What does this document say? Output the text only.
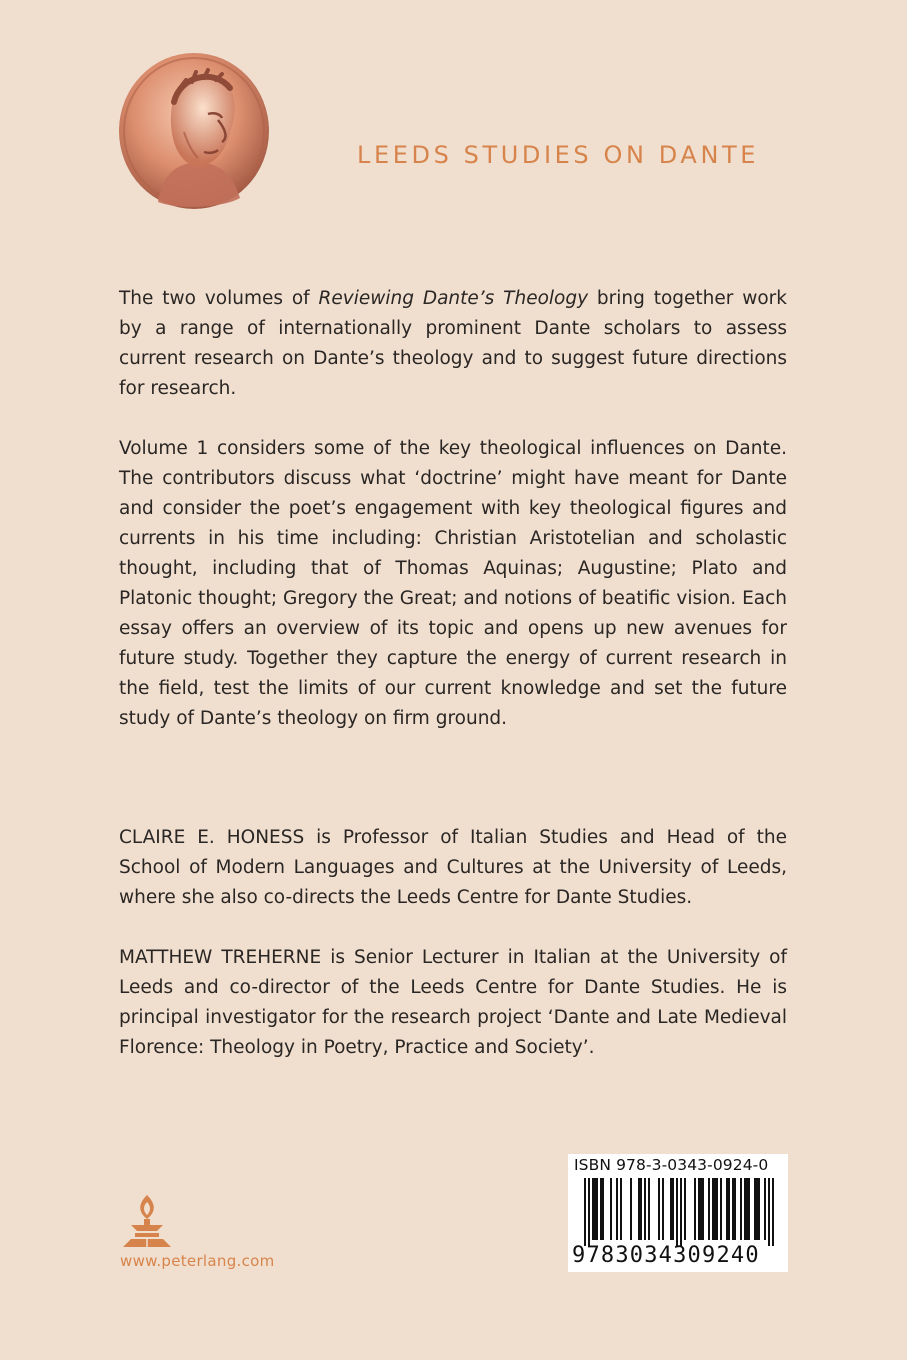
LEEDS STUDIES ON DANTE

The two volumes of Reviewing Dante’s Theology bring together work by a range of internationally prominent Dante scholars to assess current research on Dante’s theology and to suggest future directions for research.

Volume 1 considers some of the key theological influences on Dante. The contributors discuss what ‘doctrine’ might have meant for Dante and consider the poet’s engagement with key theological figures and currents in his time including: Christian Aristotelian and scholastic thought, including that of Thomas Aquinas; Augustine; Plato and Platonic thought; Gregory the Great; and notions of beatific vision. Each essay offers an overview of its topic and opens up new avenues for future study. Together they capture the energy of current research in the field, test the limits of our current knowledge and set the future study of Dante’s theology on firm ground.

CLAIRE E. HONESS is Professor of Italian Studies and Head of the School of Modern Languages and Cultures at the University of Leeds, where she also co-directs the Leeds Centre for Dante Studies.

MATTHEW TREHERNE is Senior Lecturer in Italian at the University of Leeds and co-director of the Leeds Centre for Dante Studies. He is principal investigator for the research project ‘Dante and Late Medieval Florence: Theology in Poetry, Practice and Society’.

www.peterlang.com
ISBN 978-3-0343-0924-0
9783034309240
